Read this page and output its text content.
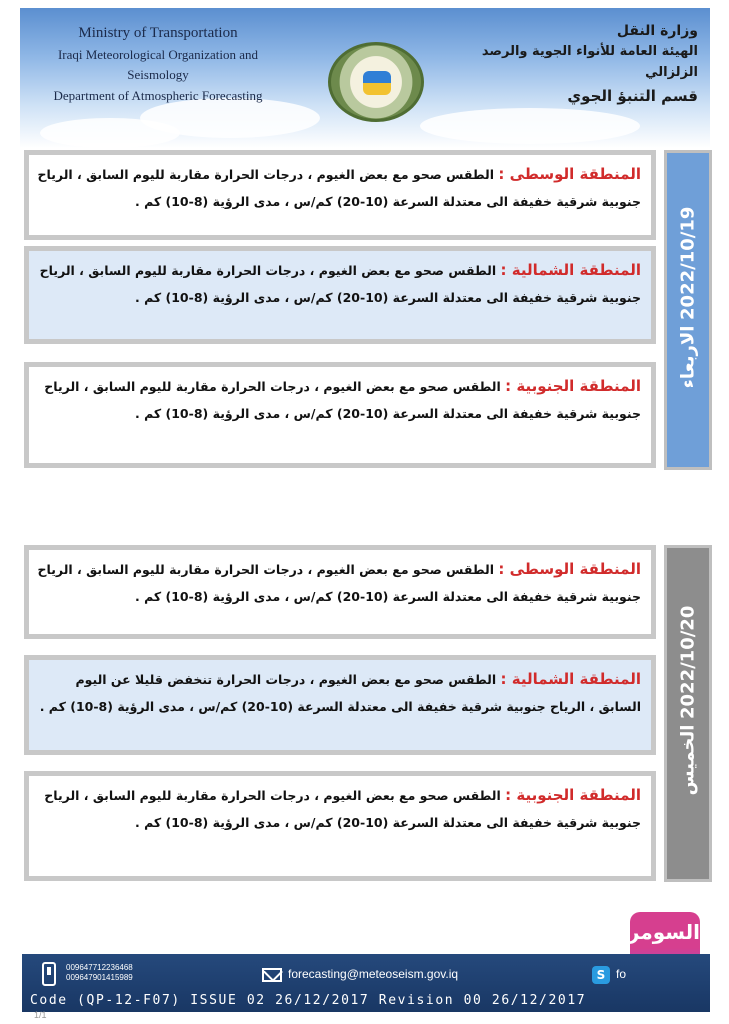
Ministry of Transportation
Iraqi Meteorological Organization and Seismology
Department of Atmospheric Forecasting
وزارة النقل
الهيئة العامة للأنواء الجوية والرصد الزلزالي
قسم التنبؤ الجوي
المنطقة الوسطى : الطقس صحو مع بعض الغيوم ، درجات الحرارة مقاربة لليوم السابق ، الرياح جنوبية شرقية خفيفة الى معتدلة السرعة (10-20) كم/س ، مدى الرؤية (8-10) كم .
المنطقة الشمالية : الطقس صحو مع بعض الغيوم ، درجات الحرارة مقاربة لليوم السابق ، الرياح جنوبية شرقية خفيفة الى معتدلة السرعة (10-20) كم/س ، مدى الرؤية (8-10) كم .
المنطقة الجنوبية : الطقس صحو مع بعض الغيوم ، درجات الحرارة مقاربة لليوم السابق ، الرياح جنوبية شرقية خفيفة الى معتدلة السرعة (10-20) كم/س ، مدى الرؤية (8-10) كم .
2022/10/19 الاربعاء
المنطقة الوسطى : الطقس صحو مع بعض الغيوم ، درجات الحرارة مقاربة لليوم السابق ، الرياح جنوبية شرقية خفيفة الى معتدلة السرعة (10-20) كم/س ، مدى الرؤية (8-10) كم .
المنطقة الشمالية : الطقس صحو مع بعض الغيوم ، درجات الحرارة تنخفض قليلا عن اليوم السابق ، الرياح جنوبية شرقية خفيفة الى معتدلة السرعة (10-20) كم/س ، مدى الرؤية (8-10) كم .
المنطقة الجنوبية : الطقس صحو مع بعض الغيوم ، درجات الحرارة مقاربة لليوم السابق ، الرياح جنوبية شرقية خفيفة الى معتدلة السرعة (10-20) كم/س ، مدى الرؤية (8-10) كم .
2022/10/20 الخميس
السومرية
009647712236468
009647901415989	forecasting@meteoseism.gov.iq	S fo
Code (QP-12-F07) ISSUE 02 26/12/2017 Revision 00 26/12/2017
1/1
